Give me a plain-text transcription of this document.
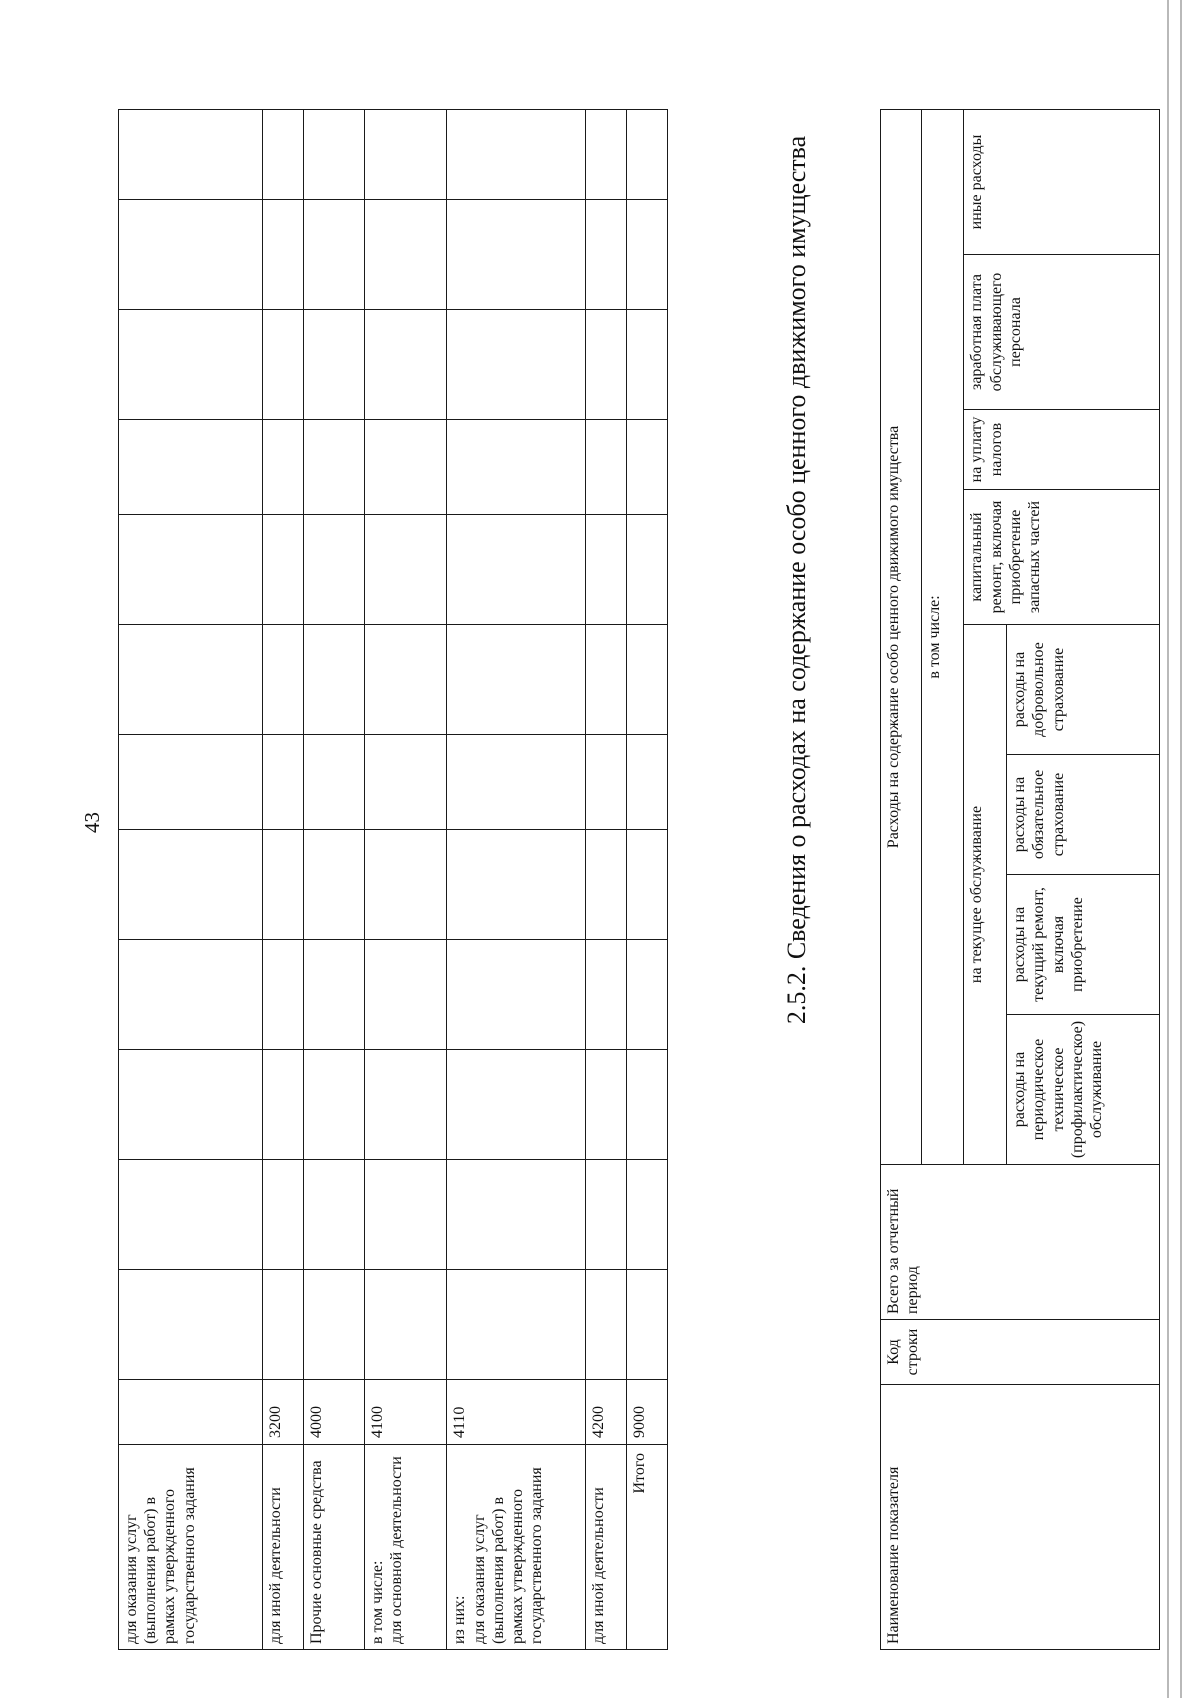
43
для оказания услуг (выполнения работ) в рамках утвержденного государственного задания													
для иной деятельности	3200												
Прочие основные средства	4000												
в том числе:
для основной деятельности	4100												
из них:
для оказания услуг (выполнения работ) в рамках утвержденного государственного задания	4110												
для иной деятельности	4200												
Итого	9000												
2.5.2. Сведения о расходах на содержание особо ценного движимого имущества
Наименование показателя	Код строки	Всего за отчетный период	Расходы на содержание особо ценного движимого имущества							
			в том числе:							
			на текущее обслуживание				капитальный ремонт, включая приобретение запасных частей	на уплату налогов	заработная плата обслуживающего персонала	иные расходы
			расходы на периодическое техническое (профилактическое) обслуживание	расходы на текущий ремонт, включая приобретение	расходы на обязательное страхование	расходы на добровольное страхование				
